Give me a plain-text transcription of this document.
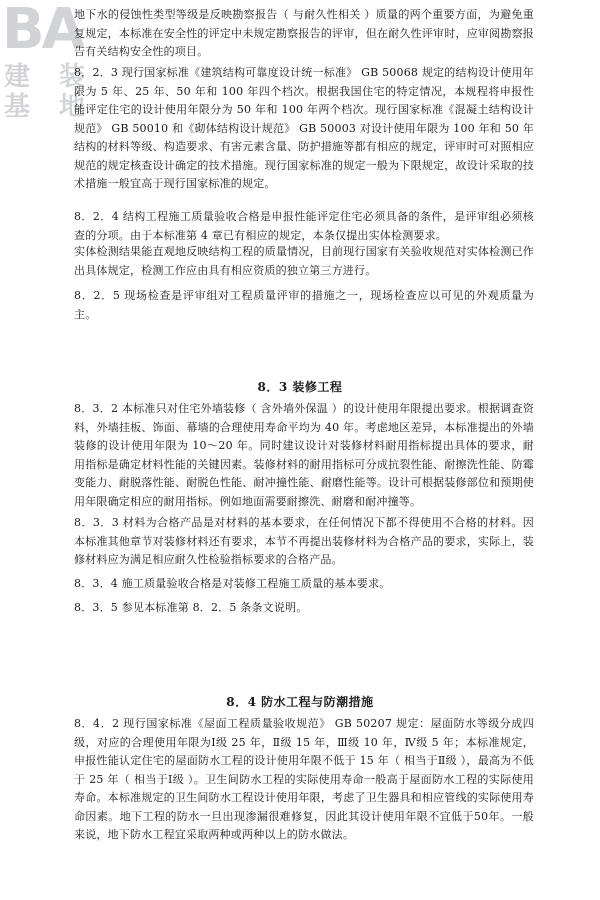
BA
建 装 基 地

地下水的侵蚀性类型等级是反映勘察报告（ 与耐久性相关 ）质量的两个重要方面，为避免重复规定，本标准在安全性的评定中未规定勘察报告的评审，但在耐久性评审时，应审阅勘察报告有关结构安全性的项目。

8．2．3 现行国家标准《建筑结构可靠度设计统一标准》 GB 50068 规定的结构设计使用年限为 5 年、25 年、50 年和 100 年四个档次。根据我国住宅的特定情况，本规程将申报性能评定住宅的设计使用年限分为 50 年和 100 年两个档次。现行国家标准《混凝土结构设计规范》 GB 50010 和《砌体结构设计规范》 GB 50003 对设计使用年限为 100 年和 50 年结构的材料等级、构造要求、有害元素含量、防护措施等都有相应的规定，评审时可对照相应规范的规定核查设计确定的技术措施。现行国家标准的规定一般为下限规定，故设计采取的技术措施一般宜高于现行国家标准的规定。

8．2．4 结构工程施工质量验收合格是申报性能评定住宅必须具备的条件，是评审组必须核查的分项。由于本标准第 4 章已有相应的规定，本条仅提出实体检测要求。

实体检测结果能直观地反映结构工程的质量情况，目前现行国家有关验收规范对实体检测已作出具体规定，检测工作应由具有相应资质的独立第三方进行。

8．2．5 现场检查是评审组对工程质量评审的措施之一，现场检查应以可见的外观质量为主。

8．3 装修工程

8．3．2 本标准只对住宅外墙装修（ 含外墙外保温 ）的设计使用年限提出要求。根据调查资料，外墙挂板、饰面、幕墙的合理使用寿命平均为 40 年。考虑地区差异，本标准提出的外墙装修的设计使用年限为 10～20 年。同时建议设计对装修材料耐用指标提出具体的要求，耐用指标是确定材料性能的关键因素。装修材料的耐用指标可分成抗裂性能、耐擦洗性能、防霉变能力、耐脱落性能、耐脱色性能、耐冲撞性能、耐磨性能等。设计可根据装修部位和预期使用年限确定相应的耐用指标。例如地面需要耐擦洗、耐磨和耐冲撞等。

8．3．3 材料为合格产品是对材料的基本要求，在任何情况下都不得使用不合格的材料。因本标准其他章节对装修材料还有要求，本节不再提出装修材料为合格产品的要求，实际上，装修材料应为满足相应耐久性检验指标要求的合格产品。

8．3．4 施工质量验收合格是对装修工程施工质量的基本要求。

8．3．5 参见本标准第 8．2．5 条条文说明。

8．4 防水工程与防潮措施

8．4．2 现行国家标准《屋面工程质量验收规范》 GB 50207 规定：屋面防水等级分成四级，对应的合理使用年限为Ⅰ级 25 年，Ⅱ级 15 年，Ⅲ级 10 年，Ⅳ级 5 年；本标准规定，申报性能认定住宅的屋面防水工程的设计使用年限不低于 15 年（ 相当于Ⅱ级 ），最高为不低于 25 年（ 相当于Ⅰ级 ）。卫生间防水工程的实际使用寿命一般高于屋面防水工程的实际使用寿命。本标准规定的卫生间防水工程设计使用年限，考虑了卫生器具和相应管线的实际使用寿命因素。地下工程的防水一旦出现渗漏很难修复，因此其设计使用年限不宜低于50年。一般来说，地下防水工程宜采取两种或两种以上的防水做法。
